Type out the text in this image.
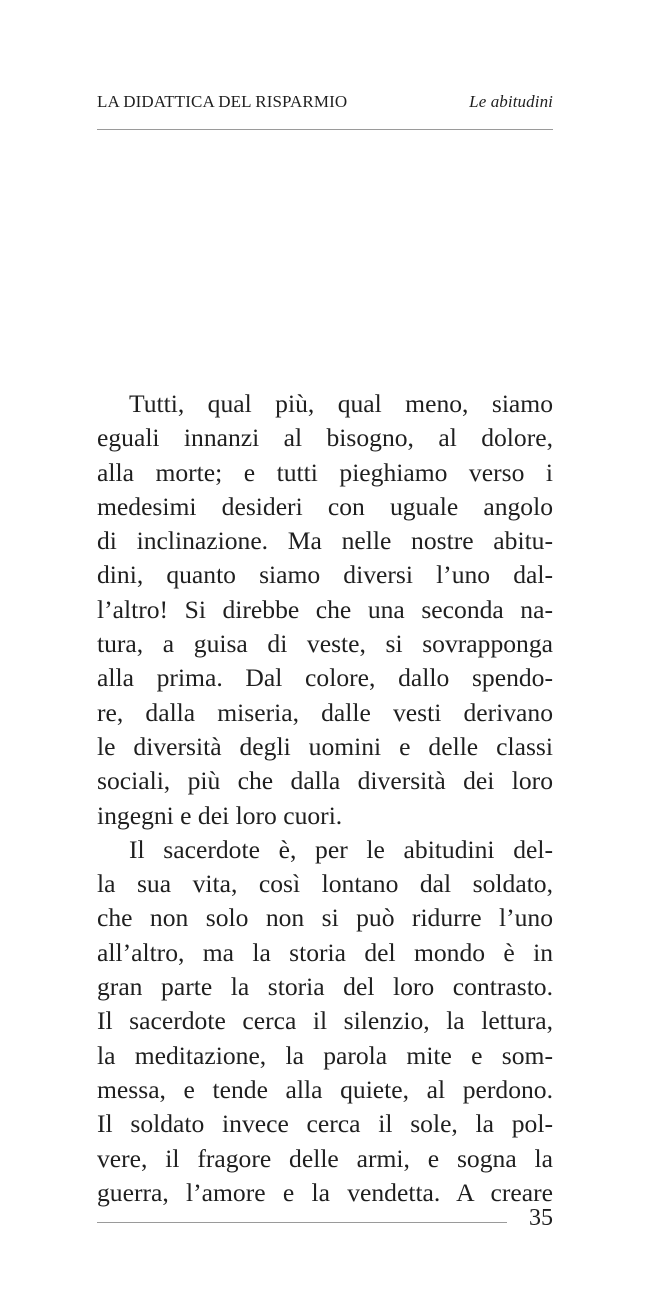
LA DIDATTICA DEL RISPARMIO	Le abitudini

Tutti, qual più, qual meno, siamo
eguali innanzi al bisogno, al dolore,
alla morte; e tutti pieghiamo verso i
medesimi desideri con uguale angolo
di inclinazione. Ma nelle nostre abitu-
dini, quanto siamo diversi l’uno dal-
l’altro! Si direbbe che una seconda na-
tura, a guisa di veste, si sovrapponga
alla prima. Dal colore, dallo spendo-
re, dalla miseria, dalle vesti derivano
le diversità degli uomini e delle classi
sociali, più che dalla diversità dei loro
ingegni e dei loro cuori.

Il sacerdote è, per le abitudini del-
la sua vita, così lontano dal soldato,
che non solo non si può ridurre l’uno
all’altro, ma la storia del mondo è in
gran parte la storia del loro contrasto.
Il sacerdote cerca il silenzio, la lettura,
la meditazione, la parola mite e som-
messa, e tende alla quiete, al perdono.
Il soldato invece cerca il sole, la pol-
vere, il fragore delle armi, e sogna la
guerra, l’amore e la vendetta. A creare

35
